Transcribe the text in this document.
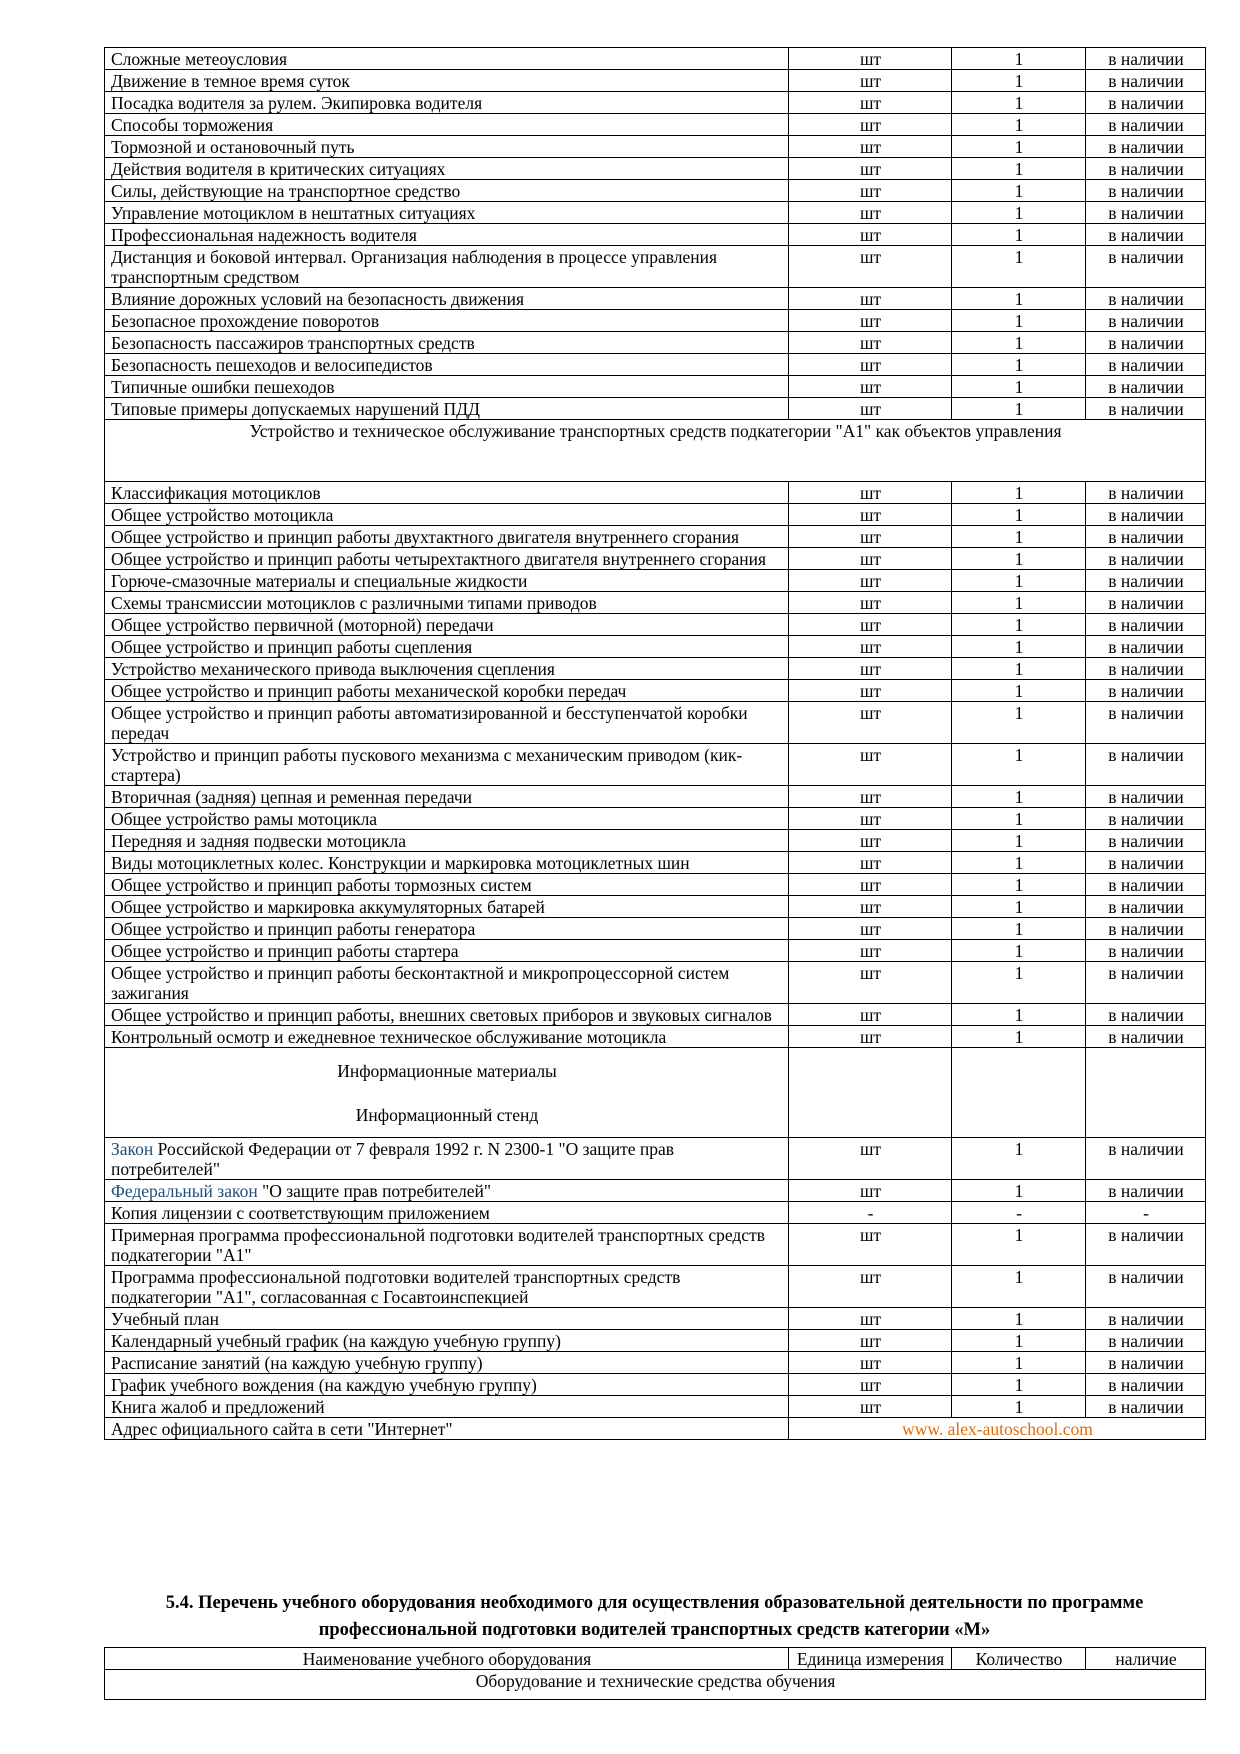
Сложные метеоусловия	шт	1	в наличии
Движение в темное время суток	шт	1	в наличии
Посадка водителя за рулем. Экипировка водителя	шт	1	в наличии
Способы торможения	шт	1	в наличии
Тормозной и остановочный путь	шт	1	в наличии
Действия водителя в критических ситуациях	шт	1	в наличии
Силы, действующие на транспортное средство	шт	1	в наличии
Управление мотоциклом в нештатных ситуациях	шт	1	в наличии
Профессиональная надежность водителя	шт	1	в наличии
Дистанция и боковой интервал. Организация наблюдения в процессе управления транспортным средством	шт	1	в наличии
Влияние дорожных условий на безопасность движения	шт	1	в наличии
Безопасное прохождение поворотов	шт	1	в наличии
Безопасность пассажиров транспортных средств	шт	1	в наличии
Безопасность пешеходов и велосипедистов	шт	1	в наличии
Типичные ошибки пешеходов	шт	1	в наличии
Типовые примеры допускаемых нарушений ПДД	шт	1	в наличии
Устройство и техническое обслуживание транспортных средств подкатегории "A1" как объектов управления			
Классификация мотоциклов	шт	1	в наличии
Общее устройство мотоцикла	шт	1	в наличии
Общее устройство и принцип работы двухтактного двигателя внутреннего сгорания	шт	1	в наличии
Общее устройство и принцип работы четырехтактного двигателя внутреннего сгорания	шт	1	в наличии
Горюче-смазочные материалы и специальные жидкости	шт	1	в наличии
Схемы трансмиссии мотоциклов с различными типами приводов	шт	1	в наличии
Общее устройство первичной (моторной) передачи	шт	1	в наличии
Общее устройство и принцип работы сцепления	шт	1	в наличии
Устройство механического привода выключения сцепления	шт	1	в наличии
Общее устройство и принцип работы механической коробки передач	шт	1	в наличии
Общее устройство и принцип работы автоматизированной и бесступенчатой коробки передач	шт	1	в наличии
Устройство и принцип работы пускового механизма с механическим приводом (кик-стартера)	шт	1	в наличии
Вторичная (задняя) цепная и ременная передачи	шт	1	в наличии
Общее устройство рамы мотоцикла	шт	1	в наличии
Передняя и задняя подвески мотоцикла	шт	1	в наличии
Виды мотоциклетных колес. Конструкции и маркировка мотоциклетных шин	шт	1	в наличии
Общее устройство и принцип работы тормозных систем	шт	1	в наличии
Общее устройство и маркировка аккумуляторных батарей	шт	1	в наличии
Общее устройство и принцип работы генератора	шт	1	в наличии
Общее устройство и принцип работы стартера	шт	1	в наличии
Общее устройство и принцип работы бесконтактной и микропроцессорной систем зажигания	шт	1	в наличии
Общее устройство и принцип работы, внешних световых приборов и звуковых сигналов	шт	1	в наличии
Контрольный осмотр и ежедневное техническое обслуживание мотоцикла	шт	1	в наличии

Информационные материалы
Информационный стенд			

Закон Российской Федерации от 7 февраля 1992 г. N 2300-1 "О защите прав потребителей"	шт	1	в наличии
Федеральный закон "О защите прав потребителей"	шт	1	в наличии
Копия лицензии с соответствующим приложением	-	-	-
Примерная программа профессиональной подготовки водителей транспортных средств подкатегории "A1"	шт	1	в наличии
Программа профессиональной подготовки водителей транспортных средств подкатегории "A1", согласованная с Госавтоинспекцией	шт	1	в наличии
Учебный план	шт	1	в наличии
Календарный учебный график (на каждую учебную группу)	шт	1	в наличии
Расписание занятий (на каждую учебную группу)	шт	1	в наличии
График учебного вождения (на каждую учебную группу)	шт	1	в наличии
Книга жалоб и предложений	шт	1	в наличии
Адрес официального сайта в сети "Интернет"	www. alex-autoschool.com		
5.4. Перечень учебного оборудования необходимого для осуществления образовательной деятельности по программе профессиональной подготовки водителей транспортных средств категории «М»
Наименование учебного оборудования	Единица измерения	Количество	наличие
Оборудование и технические средства обучения
